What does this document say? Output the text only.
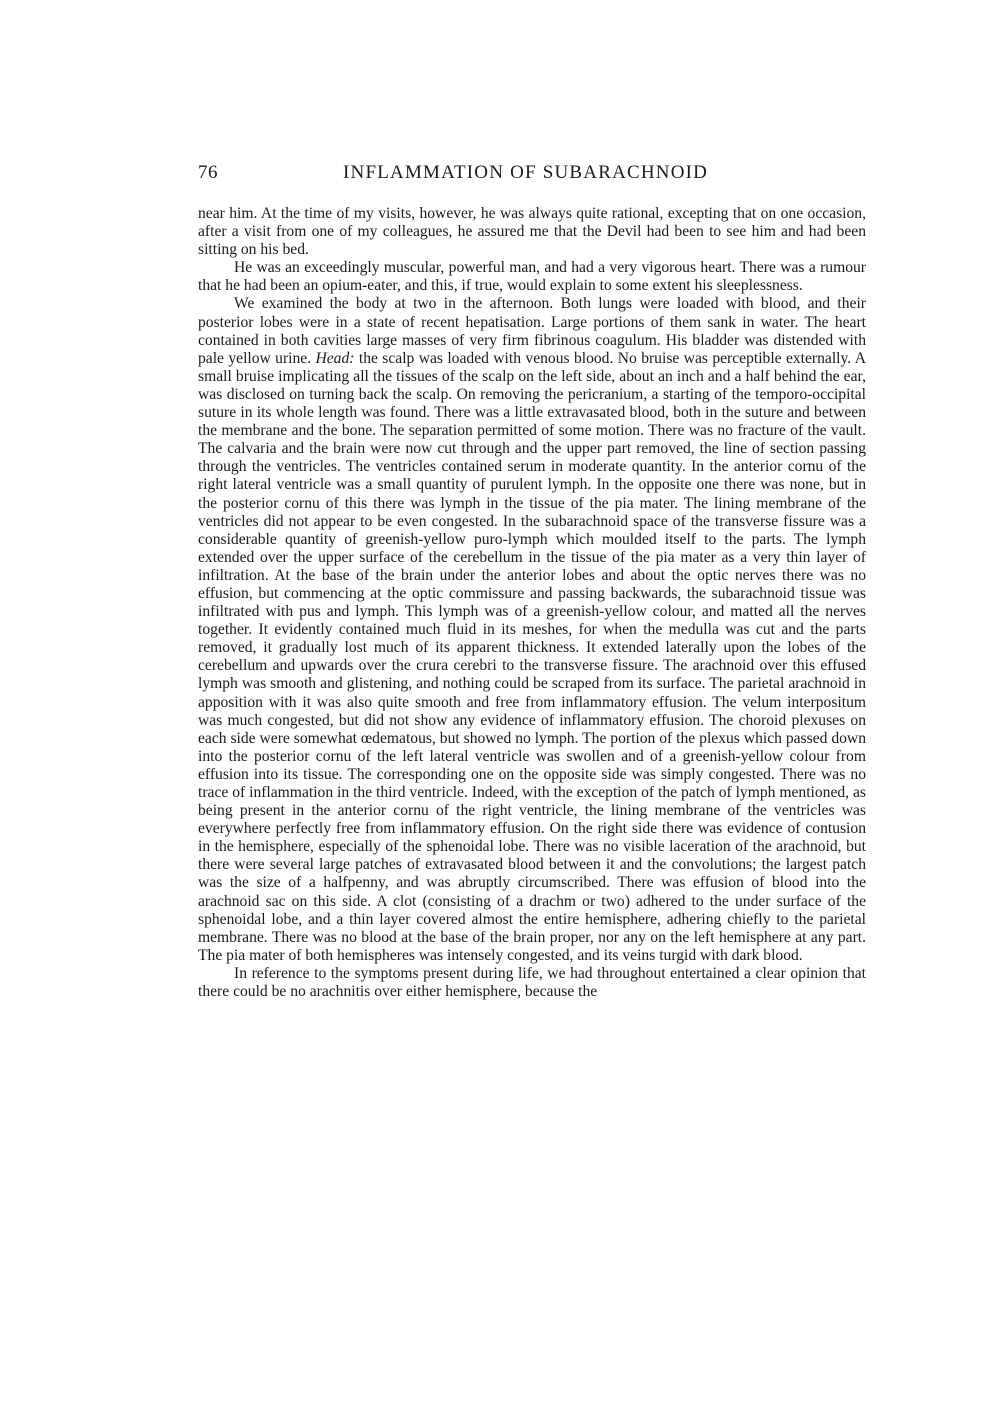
76	INFLAMMATION OF SUBARACHNOID

near him. At the time of my visits, however, he was always quite rational, excepting that on one occasion, after a visit from one of my colleagues, he assured me that the Devil had been to see him and had been sitting on his bed.

He was an exceedingly muscular, powerful man, and had a very vigorous heart. There was a rumour that he had been an opium-eater, and this, if true, would explain to some extent his sleeplessness.

We examined the body at two in the afternoon. Both lungs were loaded with blood, and their posterior lobes were in a state of recent hepatisation. Large portions of them sank in water. The heart contained in both cavities large masses of very firm fibrinous coagulum. His bladder was distended with pale yellow urine. Head: the scalp was loaded with venous blood. No bruise was perceptible externally. A small bruise implicating all the tissues of the scalp on the left side, about an inch and a half behind the ear, was disclosed on turning back the scalp. On removing the pericranium, a starting of the temporo-occipital suture in its whole length was found. There was a little extravasated blood, both in the suture and between the membrane and the bone. The separation permitted of some motion. There was no fracture of the vault. The calvaria and the brain were now cut through and the upper part removed, the line of section passing through the ventricles. The ventricles contained serum in moderate quantity. In the anterior cornu of the right lateral ventricle was a small quantity of purulent lymph. In the opposite one there was none, but in the posterior cornu of this there was lymph in the tissue of the pia mater. The lining membrane of the ventricles did not appear to be even congested. In the subarachnoid space of the transverse fissure was a considerable quantity of greenish-yellow puro-lymph which moulded itself to the parts. The lymph extended over the upper surface of the cerebellum in the tissue of the pia mater as a very thin layer of infiltration. At the base of the brain under the anterior lobes and about the optic nerves there was no effusion, but commencing at the optic commissure and passing backwards, the subarachnoid tissue was infiltrated with pus and lymph. This lymph was of a greenish-yellow colour, and matted all the nerves together. It evidently contained much fluid in its meshes, for when the medulla was cut and the parts removed, it gradually lost much of its apparent thickness. It extended laterally upon the lobes of the cerebellum and upwards over the crura cerebri to the transverse fissure. The arachnoid over this effused lymph was smooth and glistening, and nothing could be scraped from its surface. The parietal arachnoid in apposition with it was also quite smooth and free from inflammatory effusion. The velum interpositum was much congested, but did not show any evidence of inflammatory effusion. The choroid plexuses on each side were somewhat œdematous, but showed no lymph. The portion of the plexus which passed down into the posterior cornu of the left lateral ventricle was swollen and of a greenish-yellow colour from effusion into its tissue. The corresponding one on the opposite side was simply congested. There was no trace of inflammation in the third ventricle. Indeed, with the exception of the patch of lymph mentioned, as being present in the anterior cornu of the right ventricle, the lining membrane of the ventricles was everywhere perfectly free from inflammatory effusion. On the right side there was evidence of contusion in the hemisphere, especially of the sphenoidal lobe. There was no visible laceration of the arachnoid, but there were several large patches of extravasated blood between it and the convolutions; the largest patch was the size of a halfpenny, and was abruptly circumscribed. There was effusion of blood into the arachnoid sac on this side. A clot (consisting of a drachm or two) adhered to the under surface of the sphenoidal lobe, and a thin layer covered almost the entire hemisphere, adhering chiefly to the parietal membrane. There was no blood at the base of the brain proper, nor any on the left hemisphere at any part. The pia mater of both hemispheres was intensely congested, and its veins turgid with dark blood.

In reference to the symptoms present during life, we had throughout entertained a clear opinion that there could be no arachnitis over either hemisphere, because the
